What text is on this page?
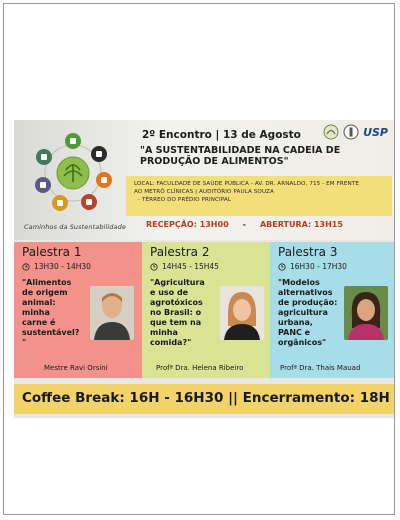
Caminhos da Sustentabilidade
2º Encontro | 13 de Agosto	USP
"A SUSTENTABILIDADE NA CADEIA DE PRODUÇÃO DE ALIMENTOS"
LOCAL: FACULDADE DE SAÚDE PÚBLICA - AV. DR. ARNALDO, 715 - EM FRENTE
AO METRÔ CLÍNICAS | AUDITÓRIO PAULA SOUZA
- TÉRREO DO PRÉDIO PRINCIPAL
RECEPÇÃO: 13H00 - ABERTURA: 13H15
Palestra 1
13H30 - 14H30
"Alimentos
de origem
animal:
minha
carne é
sustentável?
"
Mestre Ravi Orsini
Palestra 2
14H45 - 15H45
"Agricultura
e uso de
agrotóxicos
no Brasil: o
que tem na
minha
comida?"
Profª Dra. Helena Ribeiro
Palestra 3
16H30 - 17H30
"Modelos
alternativos
de produção:
agricultura
urbana,
PANC e
orgânicos"
Profª Dra. Thais Mauad
Coffee Break: 16H - 16H30 || Encerramento: 18H
